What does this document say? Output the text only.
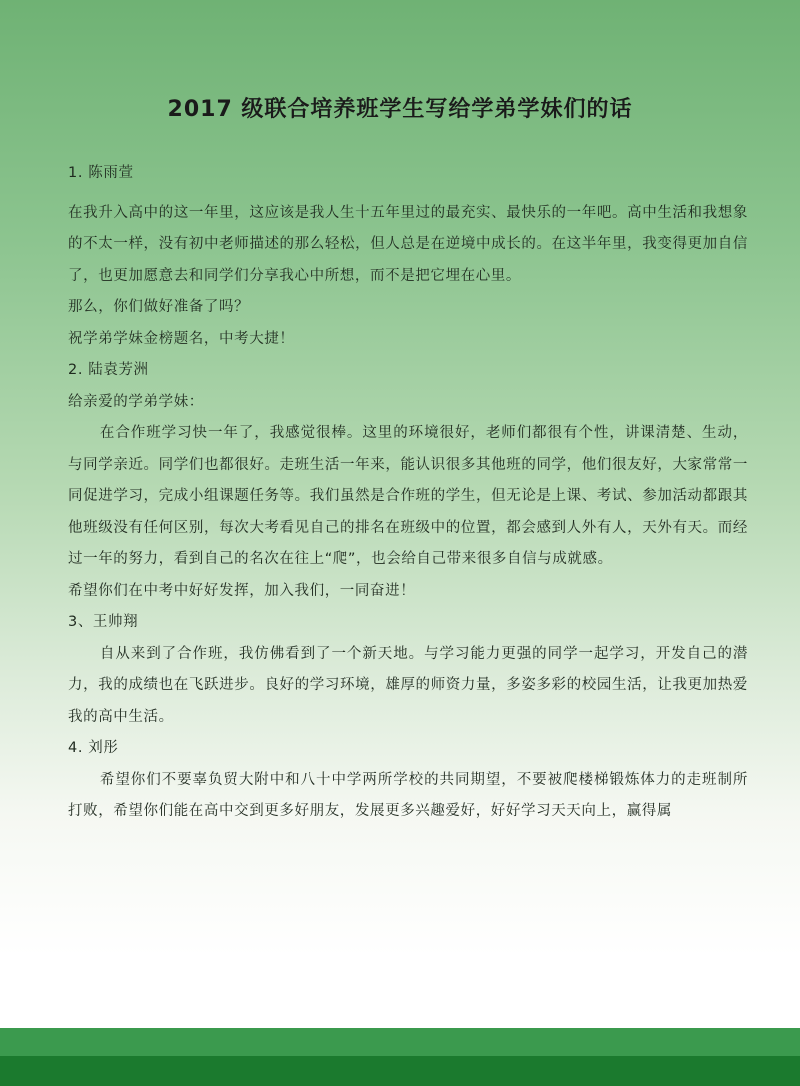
2017 级联合培养班学生写给学弟学妹们的话

1. 陈雨萱

在我升入高中的这一年里，这应该是我人生十五年里过的最充实、最快乐的一年吧。高中生活和我想象的不太一样，没有初中老师描述的那么轻松，但人总是在逆境中成长的。在这半年里，我变得更加自信了，也更加愿意去和同学们分享我心中所想，而不是把它埋在心里。

那么，你们做好准备了吗？

祝学弟学妹金榜题名，中考大捷！

2. 陆袁芳洲

给亲爱的学弟学妹：

在合作班学习快一年了，我感觉很棒。这里的环境很好，老师们都很有个性，讲课清楚、生动，与同学亲近。同学们也都很好。走班生活一年来，能认识很多其他班的同学，他们很友好，大家常常一同促进学习，完成小组课题任务等。我们虽然是合作班的学生，但无论是上课、考试、参加活动都跟其他班级没有任何区别，每次大考看见自己的排名在班级中的位置，都会感到人外有人，天外有天。而经过一年的努力，看到自己的名次在往上“爬”，也会给自己带来很多自信与成就感。

希望你们在中考中好好发挥，加入我们，一同奋进！

3、王帅翔

自从来到了合作班，我仿佛看到了一个新天地。与学习能力更强的同学一起学习，开发自己的潜力，我的成绩也在飞跃进步。良好的学习环境，雄厚的师资力量，多姿多彩的校园生活，让我更加热爱我的高中生活。

4. 刘彤

希望你们不要辜负贸大附中和八十中学两所学校的共同期望，不要被爬楼梯锻炼体力的走班制所打败，希望你们能在高中交到更多好朋友，发展更多兴趣爱好，好好学习天天向上，赢得属
